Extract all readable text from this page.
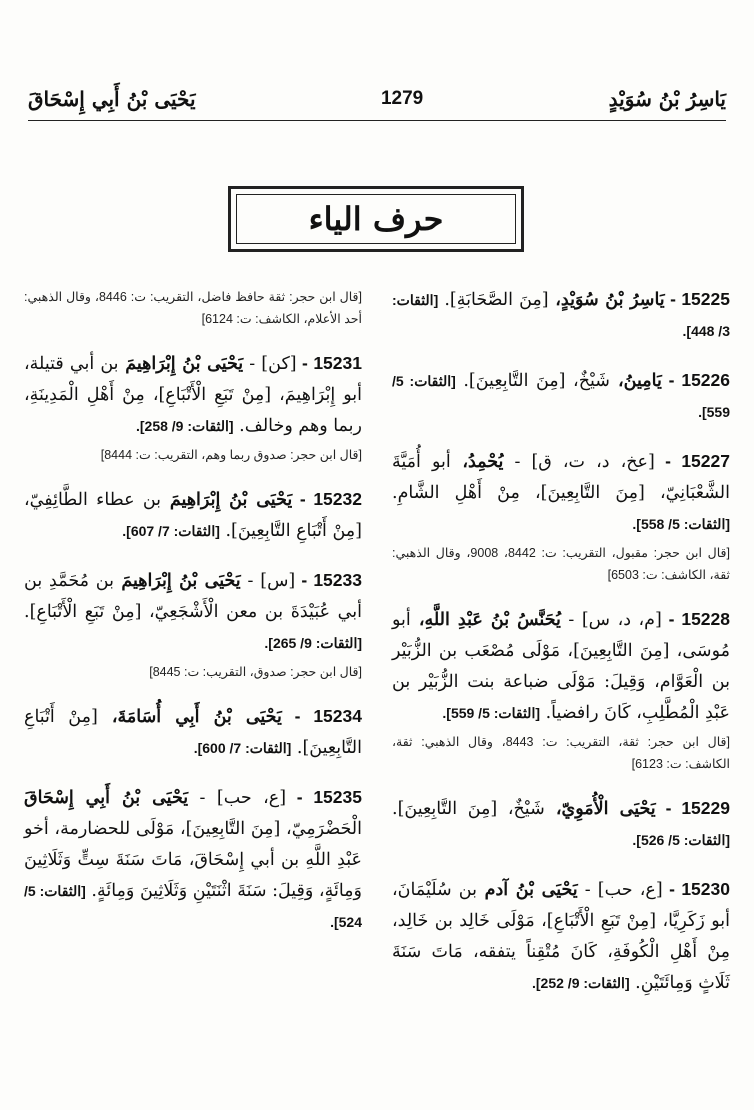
يَاسِرُ بْنُ سُوَيْدٍ
1279
يَحْيَى بْنُ أَبِي إِسْحَاقَ
حرف الياء
15225 - يَاسِرُ بْنُ سُوَيْدٍ، [مِنَ الصَّحَابَةِ]. [الثقات: 3/ 448].
15226 - يَامِينُ، شَيْخٌ، [مِنَ التَّابِعِينَ]. [الثقات: 5/ 559].
15227 - [عخ، د، ت، ق] - يُحْمِدُ، أبو أُمَيَّةَ الشَّعْبَانِيّ، [مِنَ التَّابِعِينَ]، مِنْ أَهْلِ الشَّامِ. [الثقات: 5/ 558].
[قال ابن حجر: مقبول، التقريب: ت: 8442، 9008، وقال الذهبي: ثقة، الكاشف: ت: 6503]
15228 - [م، د، س] - يُحَنَّسُ بْنُ عَبْدِ اللَّهِ، أبو مُوسَى، [مِنَ التَّابِعِينَ]، مَوْلَى مُصْعَب بن الزُّبَيْر بن الْعَوَّام، وَقِيلَ: مَوْلَى ضباعة بنت الزُّبَيْر بن عَبْدِ الْمُطَّلِبِ، كَانَ رافضياً. [الثقات: 5/ 559].
[قال ابن حجر: ثقة، التقريب: ت: 8443، وقال الذهبي: ثقة، الكاشف: ت: 6123]
15229 - يَحْيَى الْأُمَوِيّ، شَيْخٌ، [مِنَ التَّابِعِينَ]. [الثقات: 5/ 526].
15230 - [ع، حب] - يَحْيَى بْنُ آدم بن سُلَيْمَانَ، أبو زَكَرِيَّا، [مِنْ تَبَعِ الْأَتْبَاعِ]، مَوْلَى خَالِد بن خَالِد، مِنْ أَهْلِ الْكُوفَةِ، كَانَ مُتْقِناً يتفقه، مَاتَ سَنَةَ ثَلَاثٍ وَمِائَتَيْنِ. [الثقات: 9/ 252].
[قال ابن حجر: ثقة حافظ فاضل، التقريب: ت: 8446، وقال الذهبي: أحد الأعلام، الكاشف: ت: 6124]
15231 - [كن] - يَحْيَى بْنُ إِبْرَاهِيمَ بن أبي قتيلة، أبو إِبْرَاهِيمَ، [مِنْ تَبَعِ الْأَتْبَاعِ]، مِنْ أَهْلِ الْمَدِينَةِ، ربما وهم وخالف. [الثقات: 9/ 258].
[قال ابن حجر: صدوق ربما وهم، التقريب: ت: 8444]
15232 - يَحْيَى بْنُ إِبْرَاهِيمَ بن عطاء الطَّائِفِيّ، [مِنْ أَتْبَاعِ التَّابِعِينَ]. [الثقات: 7/ 607].
15233 - [س] - يَحْيَى بْنُ إِبْرَاهِيمَ بن مُحَمَّدِ بن أبي عُبَيْدَةَ بن معن الْأَشْجَعِيّ، [مِنْ تَبَعِ الْأَتْبَاعِ]. [الثقات: 9/ 265].
[قال ابن حجر: صدوق، التقريب: ت: 8445]
15234 - يَحْيَى بْنُ أَبِي أُسَامَةَ، [مِنْ أَتْبَاعِ التَّابِعِينَ]. [الثقات: 7/ 600].
15235 - [ع، حب] - يَحْيَى بْنُ أَبِي إِسْحَاقَ الْحَضْرَمِيّ، [مِنَ التَّابِعِينَ]، مَوْلَى للحضارمة، أخو عَبْدِ اللَّهِ بن أبي إِسْحَاقَ، مَاتَ سَنَةَ سِتٍّ وَثَلَاثِينَ وَمِائَةٍ، وَقِيلَ: سَنَةَ اثْنَتَيْنِ وَثَلَاثِينَ وَمِائَةٍ. [الثقات: 5/ 524].
